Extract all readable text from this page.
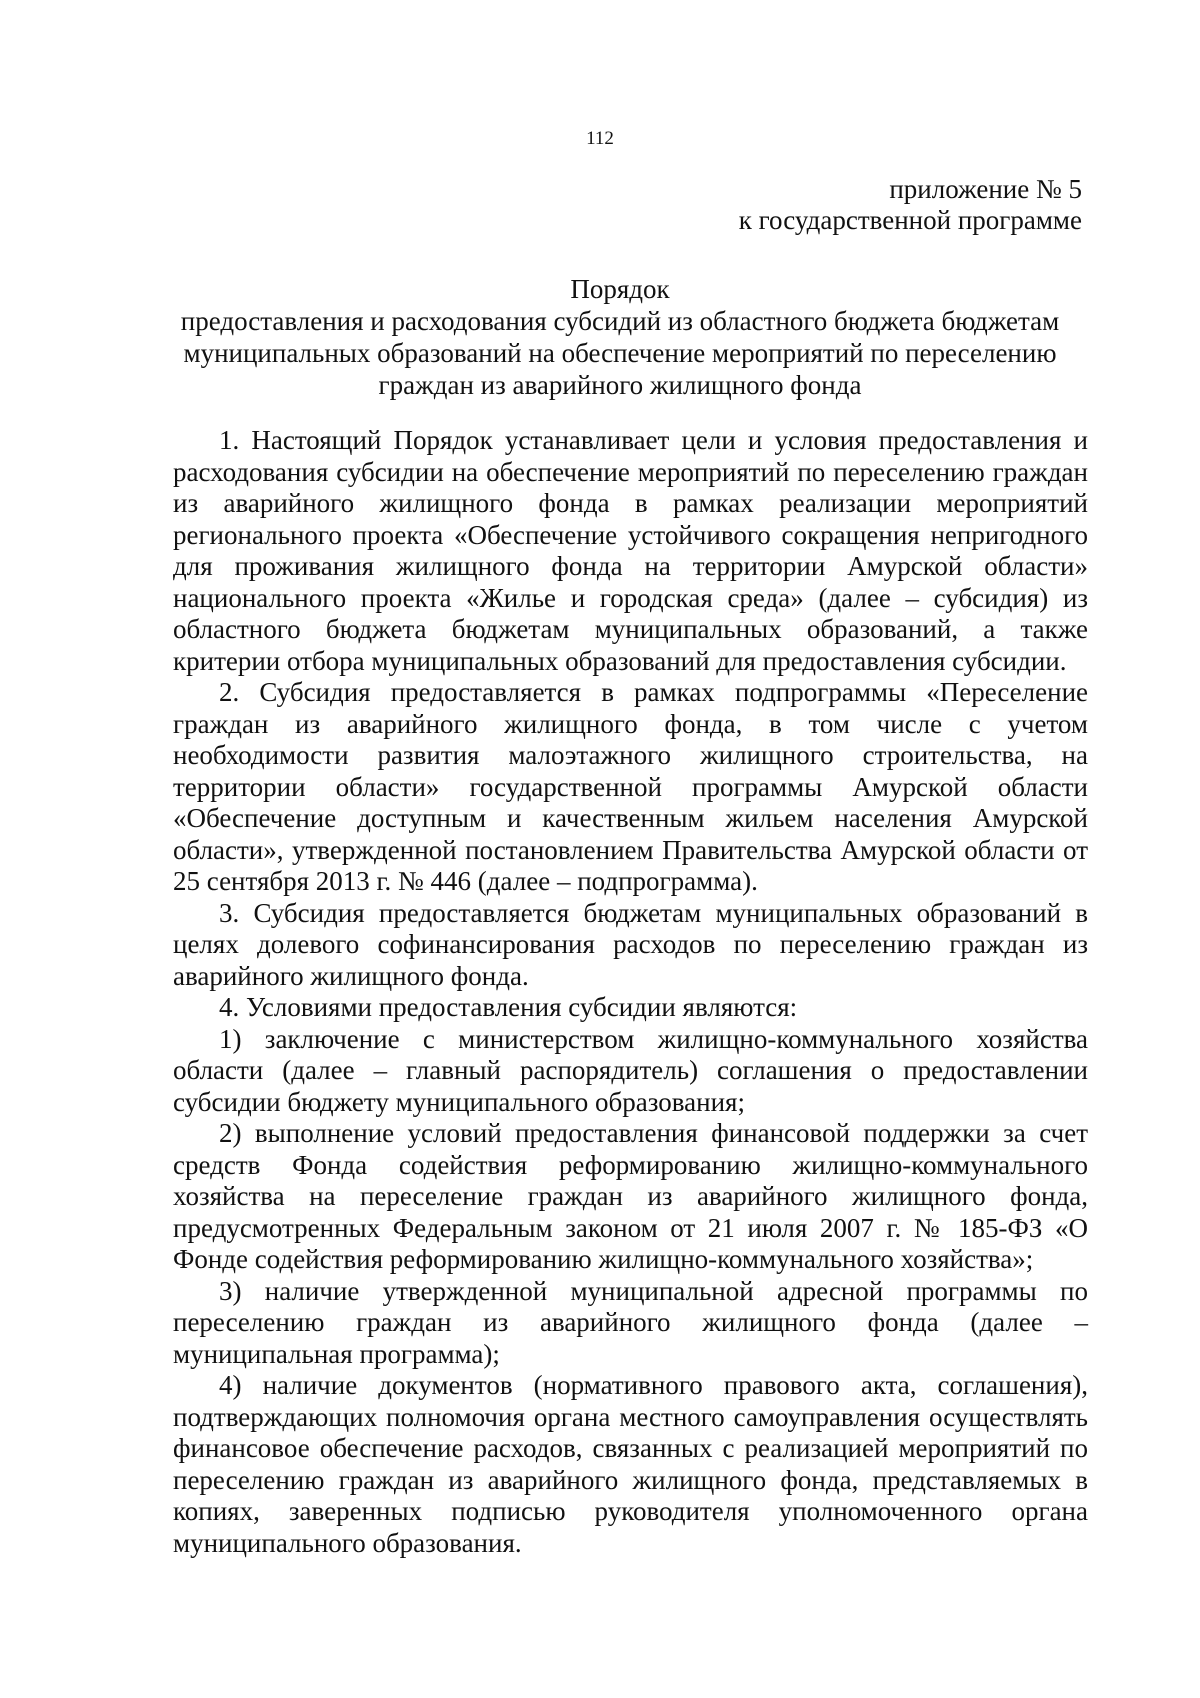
112
приложение № 5
к государственной программе
Порядок
предоставления и расходования субсидий из областного бюджета бюджетам
муниципальных образований на обеспечение мероприятий по переселению
граждан из аварийного жилищного фонда

1. Настоящий Порядок устанавливает цели и условия предоставления и расходования субсидии на обеспечение мероприятий по переселению граждан из аварийного жилищного фонда в рамках реализации мероприятий регионального проекта «Обеспечение устойчивого сокращения непригодного для проживания жилищного фонда на территории Амурской области» национального проекта «Жилье и городская среда» (далее – субсидия) из областного бюджета бюджетам муниципальных образований, а также критерии отбора муниципальных образований для предоставления субсидии.

2. Субсидия предоставляется в рамках подпрограммы «Переселение граждан из аварийного жилищного фонда, в том числе с учетом необходимости развития малоэтажного жилищного строительства, на территории области» государственной программы Амурской области «Обеспечение доступным и качественным жильем населения Амурской области», утвержденной постановлением Правительства Амурской области от 25 сентября 2013 г. № 446 (далее – подпрограмма).

3. Субсидия предоставляется бюджетам муниципальных образований в целях долевого софинансирования расходов по переселению граждан из аварийного жилищного фонда.

4. Условиями предоставления субсидии являются:

1) заключение с министерством жилищно-коммунального хозяйства области (далее – главный распорядитель) соглашения о предоставлении субсидии бюджету муниципального образования;

2) выполнение условий предоставления финансовой поддержки за счет средств Фонда содействия реформированию жилищно-коммунального хозяйства на переселение граждан из аварийного жилищного фонда, предусмотренных Федеральным законом от 21 июля 2007 г. № 185-ФЗ «О Фонде содействия реформированию жилищно-коммунального хозяйства»;

3) наличие утвержденной муниципальной адресной программы по переселению граждан из аварийного жилищного фонда (далее – муниципальная программа);

4) наличие документов (нормативного правового акта, соглашения), подтверждающих полномочия органа местного самоуправления осуществлять финансовое обеспечение расходов, связанных с реализацией мероприятий по переселению граждан из аварийного жилищного фонда, представляемых в копиях, заверенных подписью руководителя уполномоченного органа муниципального образования.
